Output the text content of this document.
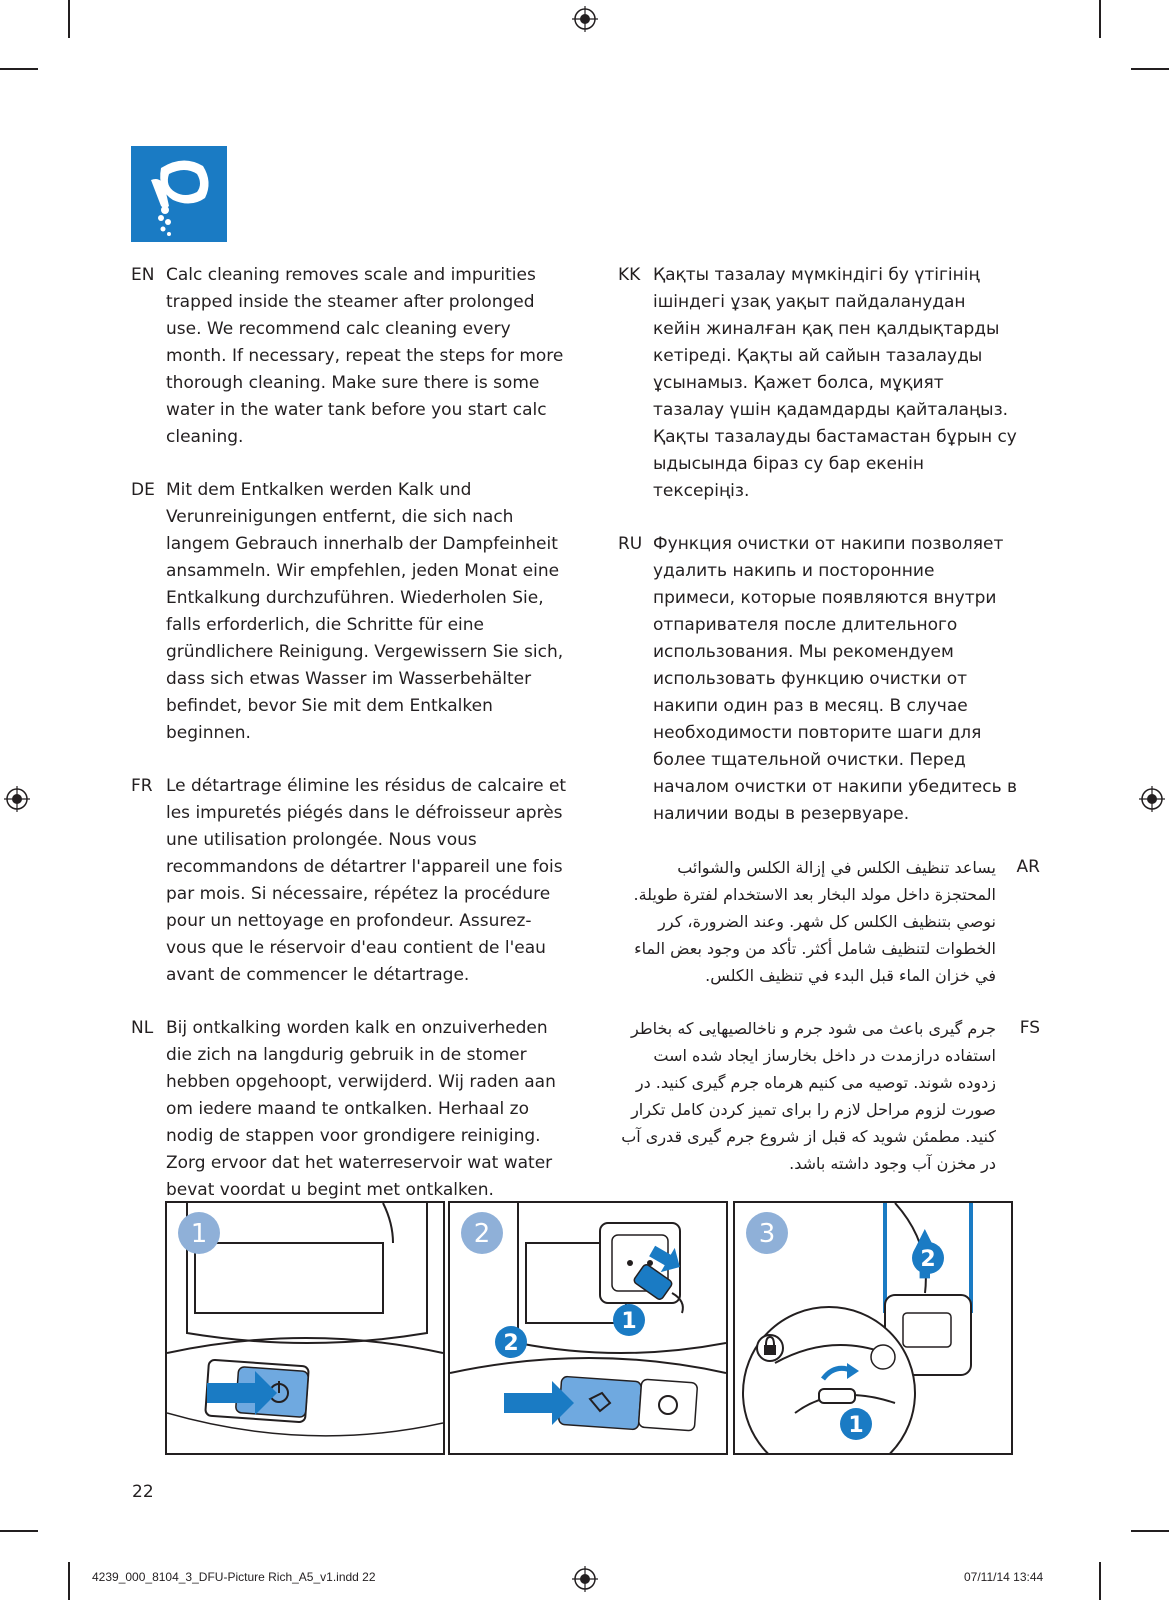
EN Calc cleaning removes scale and impurities trapped inside the steamer after prolonged use. We recommend calc cleaning every month. If necessary, repeat the steps for more thorough cleaning. Make sure there is some water in the water tank before you start calc cleaning.
DE Mit dem Entkalken werden Kalk und Verunreinigungen entfernt, die sich nach langem Gebrauch innerhalb der Dampfeinheit ansammeln. Wir empfehlen, jeden Monat eine Entkalkung durchzuführen. Wiederholen Sie, falls erforderlich, die Schritte für eine gründlichere Reinigung. Vergewissern Sie sich, dass sich etwas Wasser im Wasserbehälter befindet, bevor Sie mit dem Entkalken beginnen.
FR Le détartrage élimine les résidus de calcaire et les impuretés piégés dans le défroisseur après une utilisation prolongée. Nous vous recommandons de détartrer l'appareil une fois par mois. Si nécessaire, répétez la procédure pour un nettoyage en profondeur. Assurez-vous que le réservoir d'eau contient de l'eau avant de commencer le détartrage.
NL Bij ontkalking worden kalk en onzuiverheden die zich na langdurig gebruik in de stomer hebben opgehoopt, verwijderd. Wij raden aan om iedere maand te ontkalken. Herhaal zo nodig de stappen voor grondigere reiniging. Zorg ervoor dat het waterreservoir wat water bevat voordat u begint met ontkalken.
KK Қақты тазалау мүмкіндігі бу үтігінің ішіндегі ұзақ уақыт пайдаланудан кейін жиналған қақ пен қалдықтарды кетіреді. Қақты ай сайын тазалауды ұсынамыз. Қажет болса, мұқият тазалау үшін қадамдарды қайталаңыз. Қақты тазалауды бастамастан бұрын су ыдысында біраз су бар екенін тексеріңіз.
RU Функция очистки от накипи позволяет удалить накипь и посторонние примеси, которые появляются внутри отпаривателя после длительного использования. Мы рекомендуем использовать функцию очистки от накипи один раз в месяц. В случае необходимости повторите шаги для более тщательной очистки. Перед началом очистки от накипи убедитесь в наличии воды в резервуаре.
AR
يساعد تنظيف الكلس في إزالة الكلس والشوائب المحتجزة داخل مولد البخار بعد الاستخدام لفترة طويلة. نوصي بتنظيف الكلس كل شهر. وعند الضرورة، كرر الخطوات لتنظيف شامل أكثر. تأكد من وجود بعض الماء في خزان الماء قبل البدء في تنظيف الكلس.
FS
جرم گیری باعث می شود جرم و ناخالصیهایی که بخاطر استفاده درازمدت در داخل بخارساز ایجاد شده است زدوده شوند. توصیه می کنیم هرماه جرم گیری کنید. در صورت لزوم مراحل لازم را برای تمیز کردن کامل تکرار کنید. مطمئن شوید که قبل از شروع جرم گیری قدری آب در مخزن آب وجود داشته باشد.
1	2
1
2
3
2
1
22
4239_000_8104_3_DFU-Picture Rich_A5_v1.indd 22	07/11/14 13:44
